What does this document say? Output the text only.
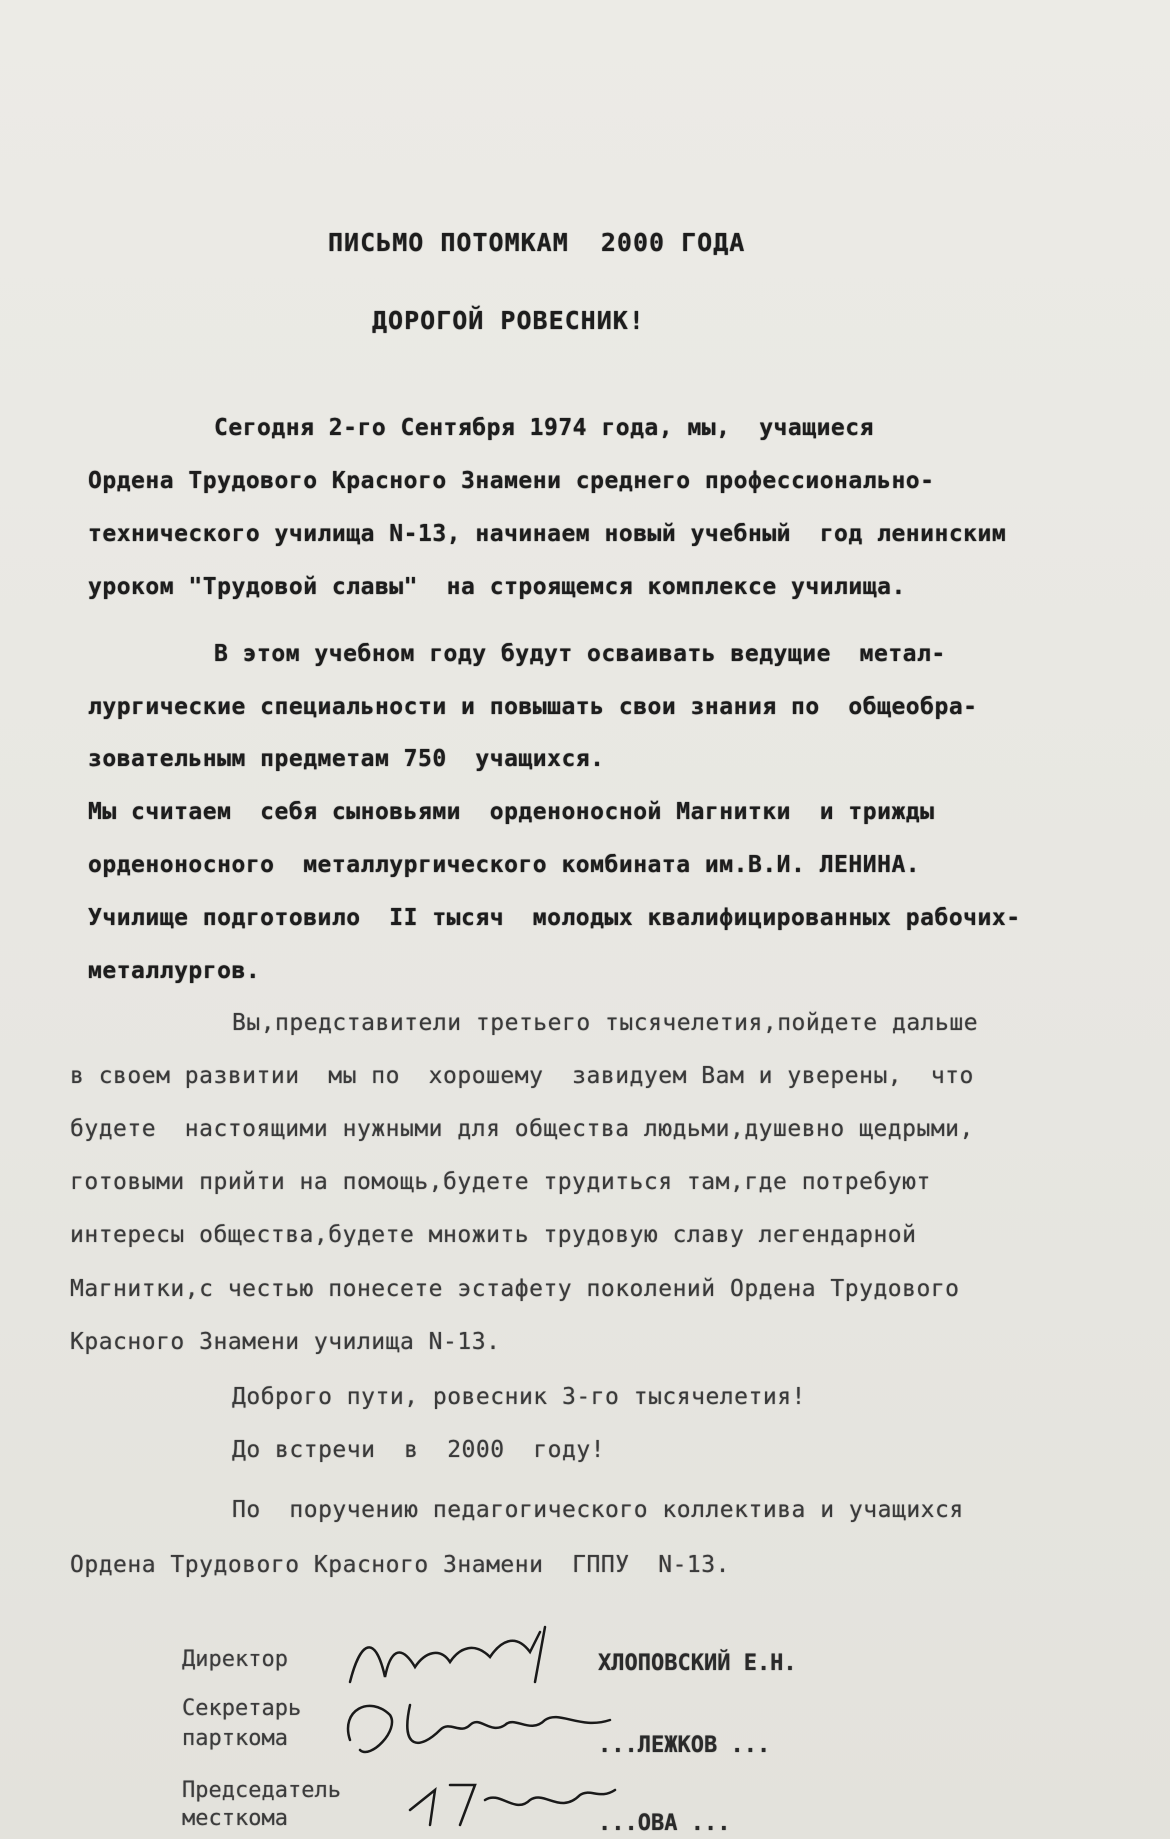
ПИСЬМО ПОТОМКАМ  2000 ГОДА
ДОРОГОЙ РОВЕСНИК!
Сегодня 2-го Сентября 1974 года, мы,  учащиеся
Ордена Трудового Красного Знамени среднего профессионально-
технического училища N-13, начинаем новый учебный  год ленинским
уроком "Трудовой славы"  на строящемся комплексе училища.
В этом учебном году будут осваивать ведущие  метал-
лургические специальности и повышать свои знания по  общеобра-
зовательным предметам 750  учащихся.
Мы считаем  себя сыновьями  орденоносной Магнитки  и трижды
орденоносного  металлургического комбината им.В.И. ЛЕНИНА.
Училище подготовило  II тысяч  молодых квалифицированных рабочих-
металлургов.
Вы,представители третьего тысячелетия,пойдете дальше
в своем развитии  мы по  хорошему  завидуем Вам и уверены,  что
будете  настоящими нужными для общества людьми,душевно щедрыми,
готовыми прийти на помощь,будете трудиться там,где потребуют
интересы общества,будете множить трудовую славу легендарной
Магнитки,с честью понесете эстафету поколений Ордена Трудового
Красного Знамени училища N-13.
Доброго пути, ровесник 3-го тысячелетия!
До встречи  в  2000  году!
По  поручению педагогического коллектива и учащихся
Ордена Трудового Красного Знамени  ГППУ  N-13.
Директор	ХЛОПОВСКИЙ Е.Н.
Секретарь
парткома	...ЛЕЖКОВ ...
Председатель
месткома	...ОВА ...
